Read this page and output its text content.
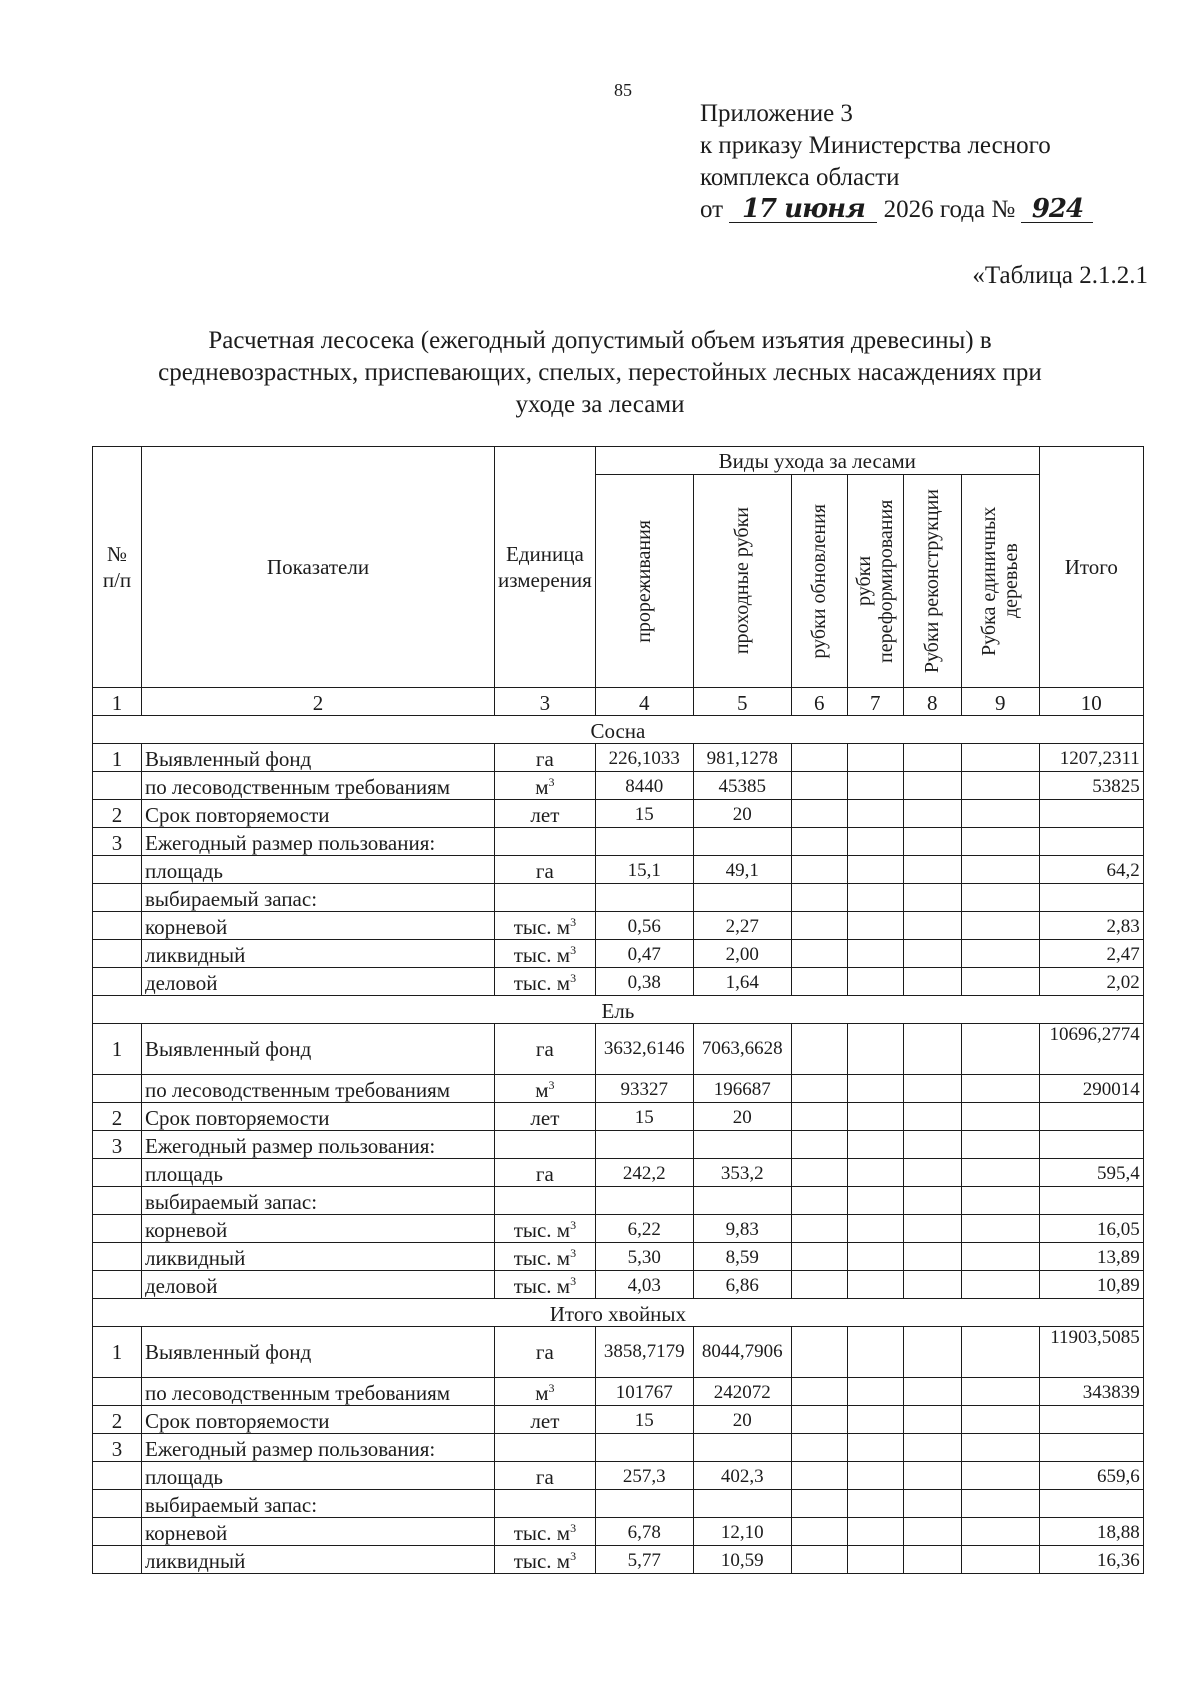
85
Приложение 3
к приказу Министерства лесного
комплекса области
от 17 июня 2026 года № 924
«Таблица 2.1.2.1
Расчетная лесосека (ежегодный допустимый объем изъятия древесины) в
средневозрастных, приспевающих, спелых, перестойных лесных насаждениях при
уходе за лесами
№ п/п	Показатели	Единица измерения	Виды ухода за лесами						Итого

			прореживания	проходные рубки	рубки обновления	рубки переформирования	Рубки реконструкции	Рубка единичных деревьев	

1	2	3	4	5	6	7	8	9	10
Сосна									
1	Выявленный фонд	га	226,1033	981,1278					1207,2311
	по лесоводственным требованиям	$м^3$	8440	45385					53825
2	Срок повторяемости	лет	15	20					
3	Ежегодный размер пользования:								
	площадь	га	15,1	49,1					64,2
	выбираемый запас:								
	корневой	тыс. $м^3$	0,56	2,27					2,83
	ликвидный	тыс. $м^3$	0,47	2,00					2,47
	деловой	тыс. $м^3$	0,38	1,64					2,02
Ель									
1	Выявленный фонд	га	3632,6146	7063,6628					10696,2774
	по лесоводственным требованиям	$м^3$	93327	196687					290014
2	Срок повторяемости	лет	15	20					
3	Ежегодный размер пользования:								
	площадь	га	242,2	353,2					595,4
	выбираемый запас:								
	корневой	тыс. $м^3$	6,22	9,83					16,05
	ликвидный	тыс. $м^3$	5,30	8,59					13,89
	деловой	тыс. $м^3$	4,03	6,86					10,89
Итого хвойных									
1	Выявленный фонд	га	3858,7179	8044,7906					11903,5085
	по лесоводственным требованиям	$м^3$	101767	242072					343839
2	Срок повторяемости	лет	15	20					
3	Ежегодный размер пользования:								
	площадь	га	257,3	402,3					659,6
	выбираемый запас:								
	корневой	тыс. $м^3$	6,78	12,10					18,88
	ликвидный	тыс. $м^3$	5,77	10,59					16,36
